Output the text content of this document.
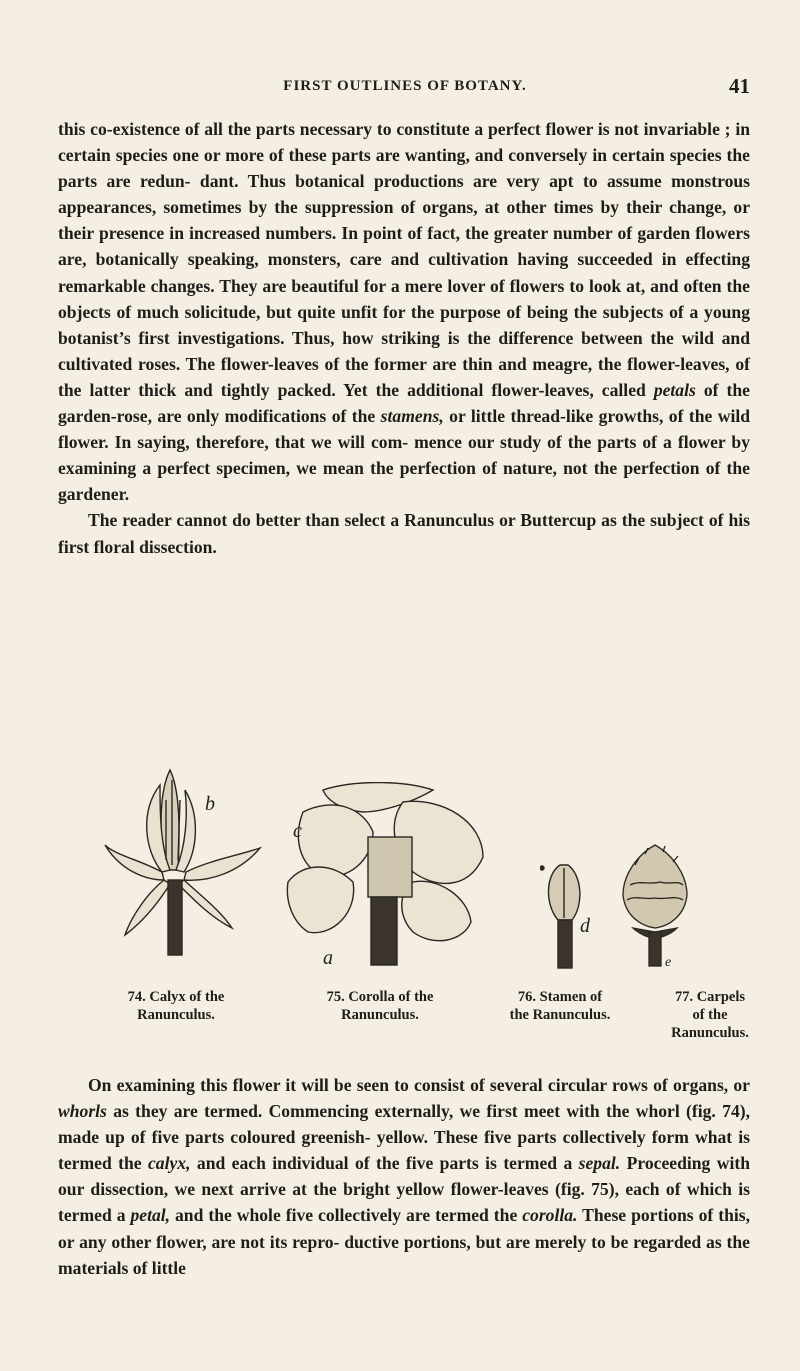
FIRST OUTLINES OF BOTANY.	41

this co-existence of all the parts necessary to constitute a perfect flower is not invariable ; in certain species one or more of these parts are wanting, and conversely in certain species the parts are redun- dant. Thus botanical productions are very apt to assume monstrous appearances, sometimes by the suppression of organs, at other times by their change, or their presence in increased numbers. In point of fact, the greater number of garden flowers are, botanically speaking, monsters, care and cultivation having succeeded in effecting remarkable changes. They are beautiful for a mere lover of flowers to look at, and often the objects of much solicitude, but quite unfit for the purpose of being the subjects of a young botanist’s first investigations. Thus, how striking is the difference between the wild and cultivated roses. The flower-leaves of the former are thin and meagre, the flower-leaves, of the latter thick and tightly packed. Yet the additional flower-leaves, called petals of the garden-rose, are only modifications of the stamens, or little thread-like growths, of the wild flower. In saying, therefore, that we will com- mence our study of the parts of a flower by examining a perfect specimen, we mean the perfection of nature, not the perfection of the gardener.

The reader cannot do better than select a Ranunculus or Buttercup as the subject of his first floral dissection.

b
c
a
d
e
74. Calyx of the
Ranunculus.
75. Corolla of the
Ranunculus.
76. Stamen of
the Ranunculus.
77. Carpels
of the
Ranunculus.

On examining this flower it will be seen to consist of several circular rows of organs, or whorls as they are termed. Commencing externally, we first meet with the whorl (fig. 74), made up of five parts coloured greenish- yellow. These five parts collectively form what is termed the calyx, and each individual of the five parts is termed a sepal. Proceeding with our dissection, we next arrive at the bright yellow flower-leaves (fig. 75), each of which is termed a petal, and the whole five collectively are termed the corolla. These portions of this, or any other flower, are not its repro- ductive portions, but are merely to be regarded as the materials of little
